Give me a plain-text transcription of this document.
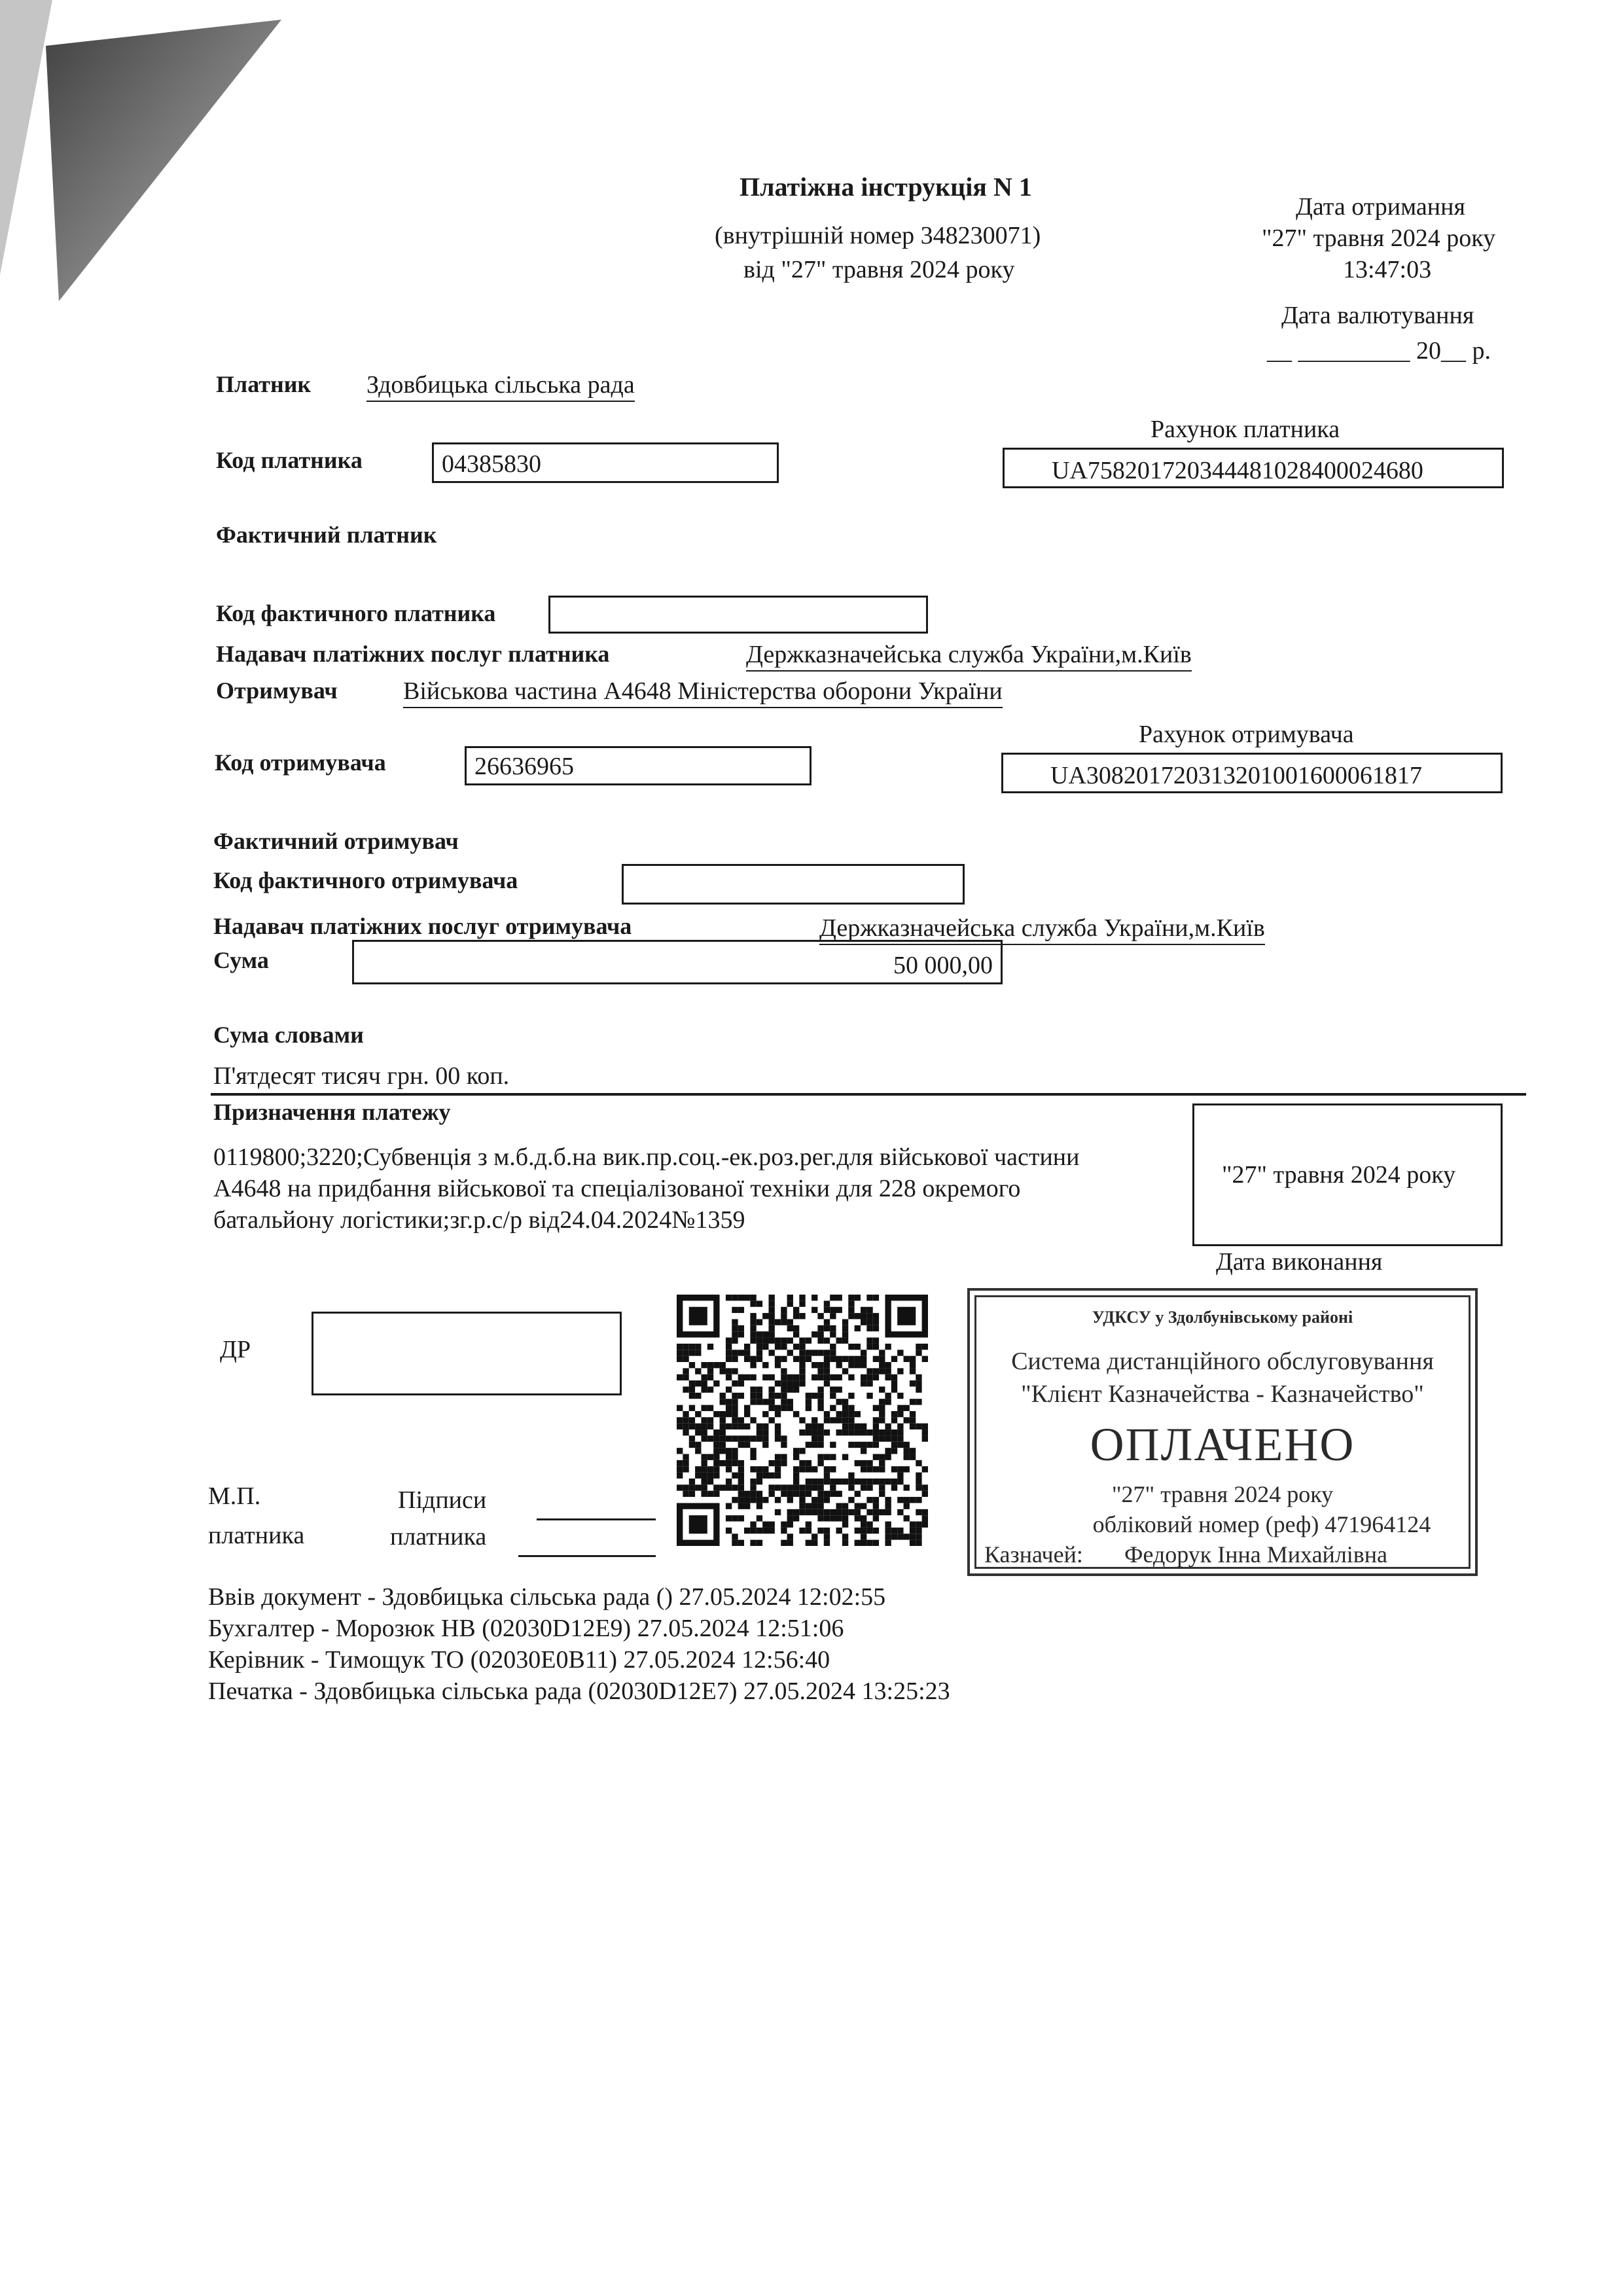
Платіжна інструкція N 1
(внутрішній номер 348230071)
від "27" травня 2024 року
Дата отримання
"27" травня 2024 року
13:47:03
Дата валютування
__ _________ 20__ р.
Платник Здовбицька сільська рада
Рахунок платника
Код платника	04385830	UA758201720344481028400024680
Фактичний платник
Код фактичного платника
Надавач платіжних послуг платника	Держказначейська служба України,м.Київ
Отримувач	Військова частина А4648 Міністерства оборони України
Рахунок отримувача
Код отримувача	26636965	UA308201720313201001600061817
Фактичний отримувач
Код фактичного отримувача
Надавач платіжних послуг отримувача	Держказначейська служба України,м.Київ
Сума	50 000,00
Сума словами
П'ятдесят тисяч грн. 00 коп.
Призначення платежу
0119800;3220;Субвенція з м.б.д.б.на вик.пр.соц.-ек.роз.рег.для військової частини
А4648 на придбання військової та спеціалізованої техніки для 228 окремого
батальйону логістики;зг.р.с/р від24.04.2024№1359
"27" травня 2024 року
Дата виконання
ДР
М.П.
платника
Підписи
платника
УДКСУ у Здолбунівському районі
Система дистанційного обслуговування
"Клієнт Казначейства - Казначейство"
ОПЛАЧЕНО
"27" травня 2024 року
обліковий номер (реф) 471964124
Казначей: Федорук Інна Михайлівна
Ввів документ - Здовбицька сільська рада () 27.05.2024 12:02:55
Бухгалтер - Морозюк НВ (02030D12E9) 27.05.2024 12:51:06
Керівник - Тимощук ТО (02030E0B11) 27.05.2024 12:56:40
Печатка - Здовбицька сільська рада (02030D12E7) 27.05.2024 13:25:23
